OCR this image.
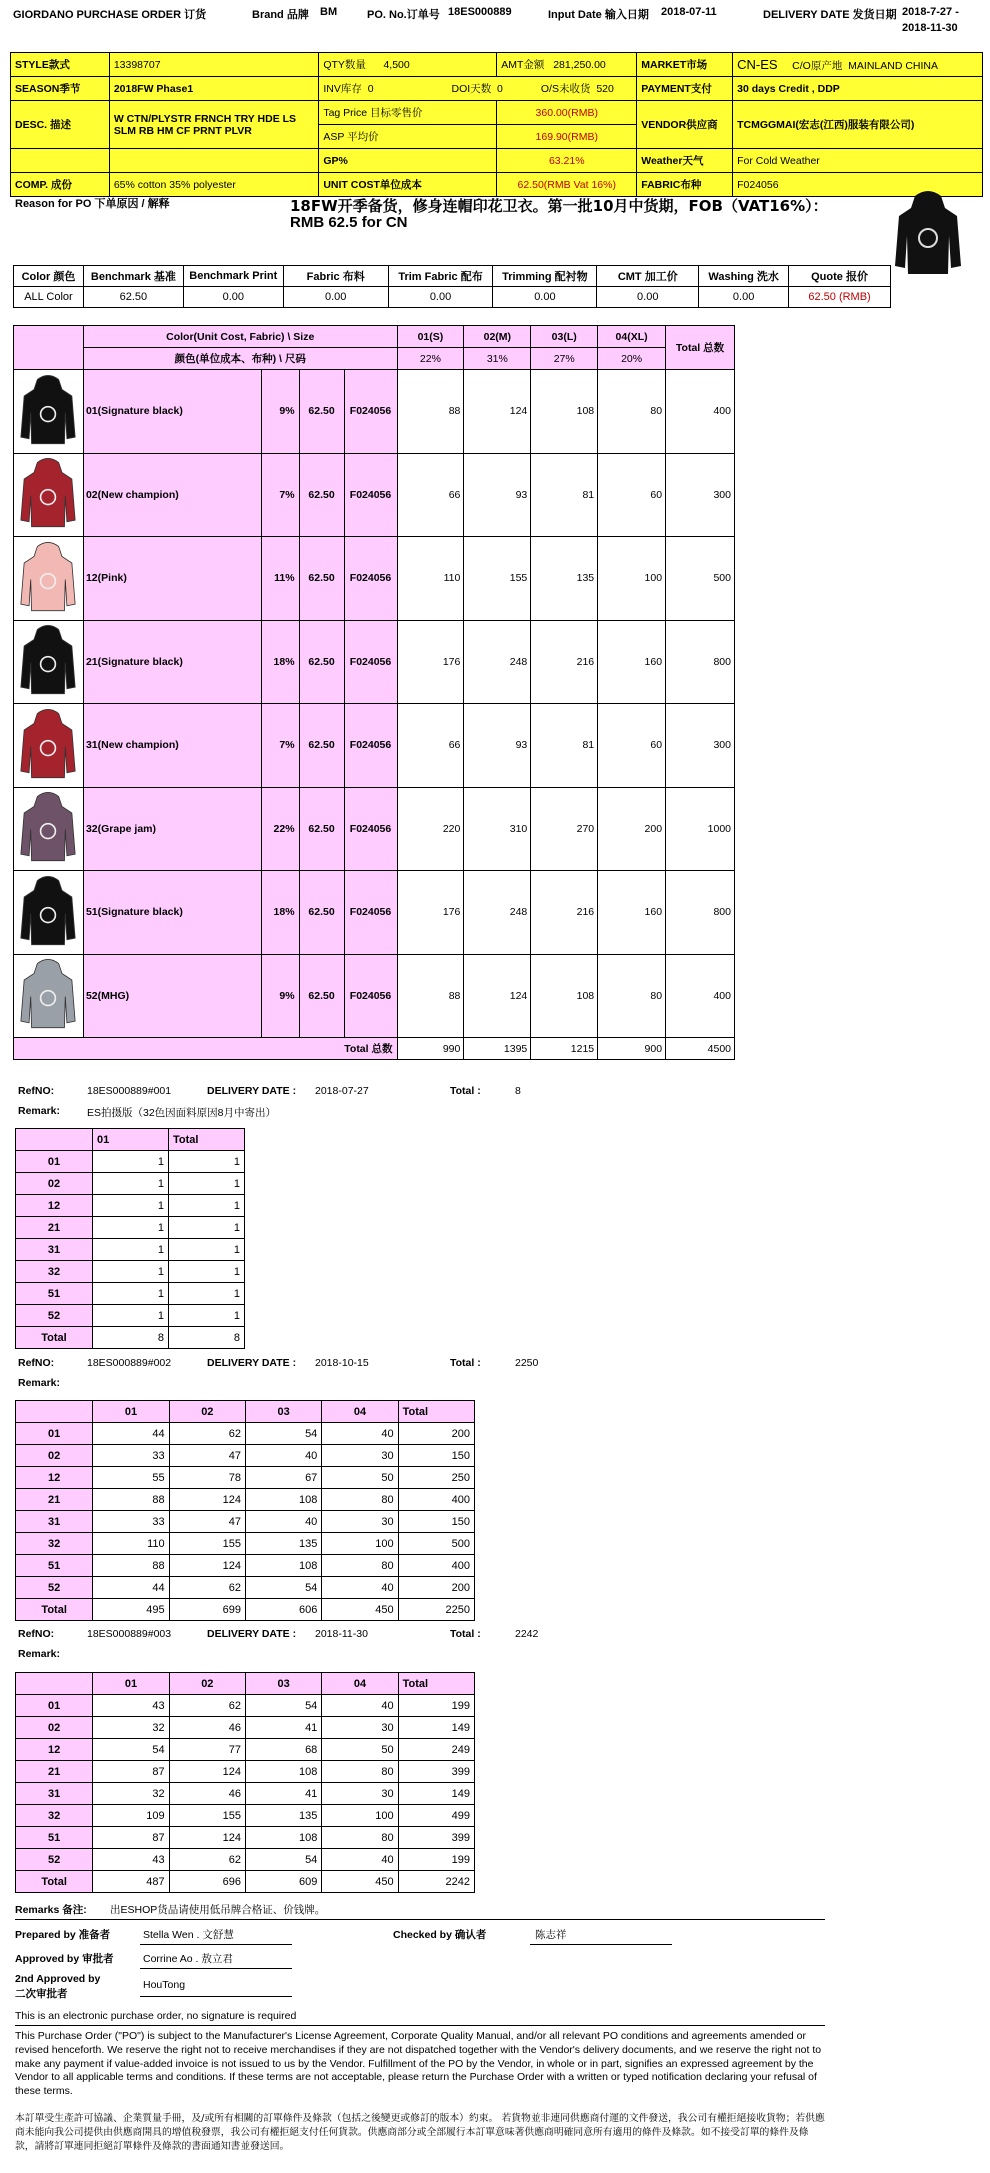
GIORDANO PURCHASE ORDER 订货	Brand 品牌 BM	PO. No.订单号 18ES000889	Input Date 输入日期 2018-07-11	DELIVERY DATE 发货日期 2018-7-27 -
2018-11-30
STYLE款式	13398707	QTY数量 4,500	AMT金额 281,250.00	MARKET市场	CN-ES C/O原产地 MAINLAND CHINA
SEASON季节	2018FW Phase1	INV库存 0 DOI天数 0 O/S未收货 520		PAYMENT支付	30 days Credit , DDP
DESC. 描述	W CTN/PLYSTR FRNCH TRY HDE LS
SLM RB HM CF PRNT PLVR	Tag Price 目标零售价	360.00(RMB)	VENDOR供应商	TCMGGMAI(宏志(江西)服装有限公司)
		ASP 平均价	169.90(RMB)		
		GP%	63.21%	Weather天气	For Cold Weather
COMP. 成份	65% cotton 35% polyester	UNIT COST单位成本	62.50(RMB Vat 16%)	FABRIC布种	F024056
Reason for PO 下单原因 / 解释	18FW开季备货，修身连帽印花卫衣。第一批10月中货期，FOB（VAT16%）：
RMB 62.5 for CN
Color 颜色	Benchmark 基准	Benchmark Print	Fabric 布料	Trim Fabric 配布	Trimming 配衬物	CMT 加工价	Washing 洗水	Quote 报价
ALL Color	62.50	0.00	0.00	0.00	0.00	0.00	0.00	62.50 (RMB)
	Color(Unit Cost, Fabric) \ Size				01(S)	02(M)	03(L)	04(XL)	Total 总数
	颜色(单位成本、布种) \ 尺码				22%	31%	27%	20%	
	01(Signature black)	9%	62.50	F024056	88	124	108	80	400
	02(New champion)	7%	62.50	F024056	66	93	81	60	300
	12(Pink)	11%	62.50	F024056	110	155	135	100	500
	21(Signature black)	18%	62.50	F024056	176	248	216	160	800
	31(New champion)	7%	62.50	F024056	66	93	81	60	300
	32(Grape jam)	22%	62.50	F024056	220	310	270	200	1000
	51(Signature black)	18%	62.50	F024056	176	248	216	160	800
	52(MHG)	9%	62.50	F024056	88	124	108	80	400
Total 总数					990	1395	1215	900	4500
RefNO:	18ES000889#001	DELIVERY DATE : 2018-07-27	Total :	8
Remark:	ES拍摄版（32色因面料原因8月中寄出）
	01	Total
01	1	1
02	1	1
12	1	1
21	1	1
31	1	1
32	1	1
51	1	1
52	1	1
Total	8	8
RefNO:	18ES000889#002	DELIVERY DATE : 2018-10-15	Total :	2250
Remark:
	01	02	03	04	Total
01	44	62	54	40	200
02	33	47	40	30	150
12	55	78	67	50	250
21	88	124	108	80	400
31	33	47	40	30	150
32	110	155	135	100	500
51	88	124	108	80	400
52	44	62	54	40	200
Total	495	699	606	450	2250
RefNO:	18ES000889#003	DELIVERY DATE : 2018-11-30	Total :	2242
Remark:
	01	02	03	04	Total
01	43	62	54	40	199
02	32	46	41	30	149
12	54	77	68	50	249
21	87	124	108	80	399
31	32	46	41	30	149
32	109	155	135	100	499
51	87	124	108	80	399
52	43	62	54	40	199
Total	487	696	609	450	2242
Remarks 备注: 出ESHOP货品请使用低吊牌合格证、价钱牌。
Prepared by 准备者	Stella Wen . 文舒慧	Checked by 确认者	陈志祥
Approved by 审批者	Corrine Ao . 敖立君
2nd Approved by
二次审批者
HouTong
This is an electronic purchase order, no signature is required
This Purchase Order ("PO") is subject to the Manufacturer's License Agreement, Corporate Quality Manual, and/or all relevant PO conditions and agreements amended or revised henceforth. We reserve the right not to receive merchandises if they are not dispatched together with the Vendor's delivery documents, and we reserve the right not to make any payment if value-added invoice is not issued to us by the Vendor. Fulfillment of the PO by the Vendor, in whole or in part, signifies an expressed agreement by the Vendor to all applicable terms and conditions. If these terms are not acceptable, please return the Purchase Order with a written or typed notification declaring your refusal of these terms.
本訂單受生產許可協議、企業質量手冊，及/或所有相關的訂單條件及條款（包括之後變更或修訂的版本）約束。 若貨物並非連同供應商付運的文件發送，我公司有權拒絕接收貨物；若供應商未能向我公司提供由供應商開具的增值稅發票，我公司有權拒絕支付任何貨款。供應商部分或全部履行本訂單意味著供應商明確同意所有適用的條件及條款。如不接受訂單的條件及條款，請將訂單連同拒絕訂單條件及條款的書面通知書並發送回。
